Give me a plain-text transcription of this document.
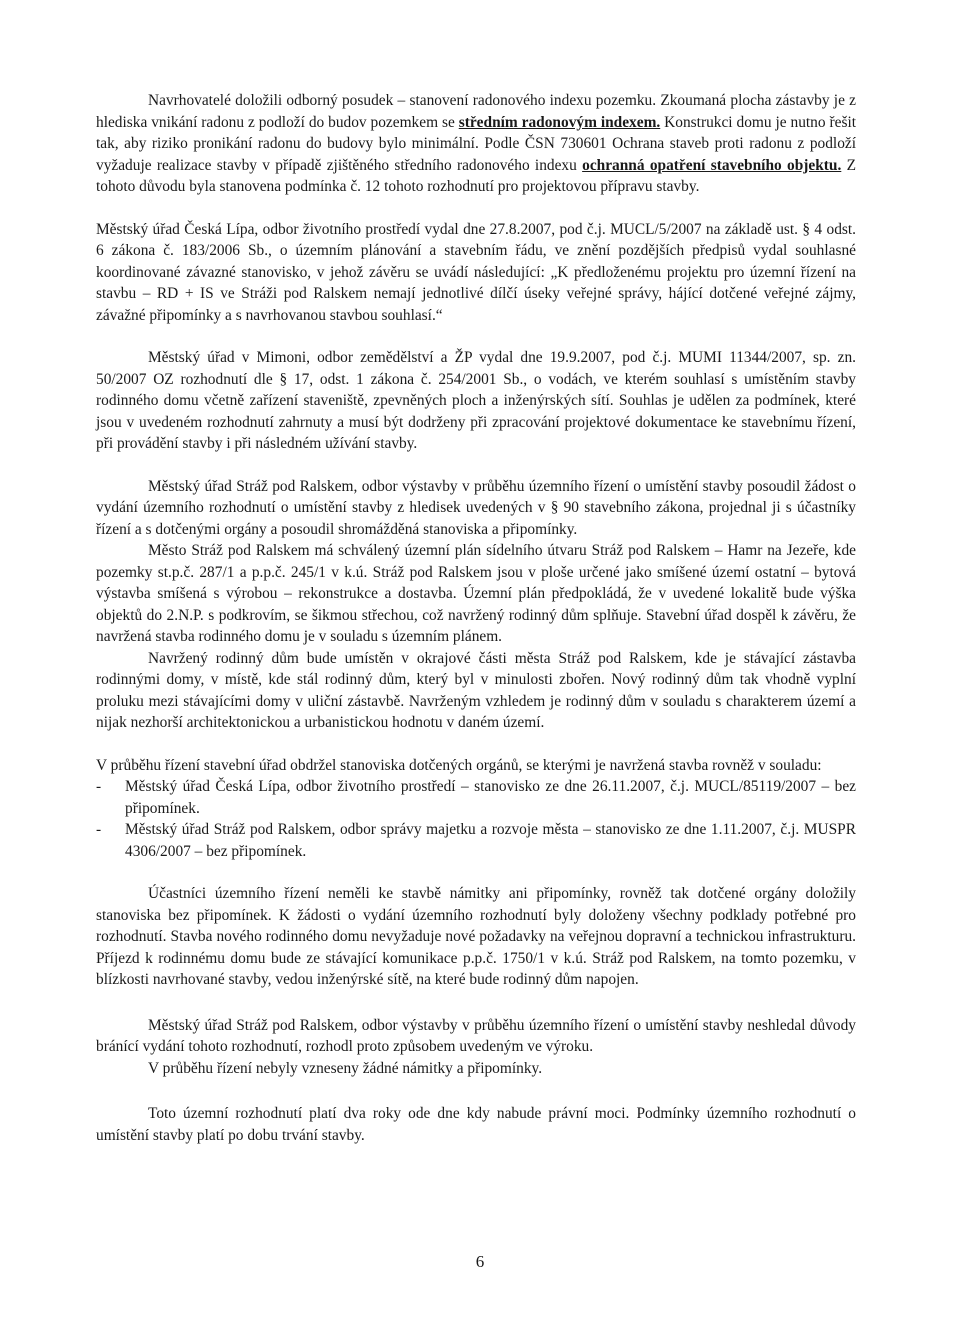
Navrhovatelé doložili odborný posudek – stanovení radonového indexu pozemku. Zkoumaná plocha zástavby je z hlediska vnikání radonu z podloží do budov pozemkem se středním radonovým indexem. Konstrukci domu je nutno řešit tak, aby riziko pronikání radonu do budovy bylo minimální. Podle ČSN 730601 Ochrana staveb proti radonu z podloží vyžaduje realizace stavby v případě zjištěného středního radonového indexu ochranná opatření stavebního objektu. Z tohoto důvodu byla stanovena podmínka č. 12 tohoto rozhodnutí pro projektovou přípravu stavby.

Městský úřad Česká Lípa, odbor životního prostředí vydal dne 27.8.2007, pod č.j. MUCL/5/2007 na základě ust. § 4 odst. 6 zákona č. 183/2006 Sb., o územním plánování a stavebním řádu, ve znění pozdějších předpisů vydal souhlasné koordinované závazné stanovisko, v jehož závěru se uvádí následující: „K předloženému projektu pro územní řízení na stavbu – RD + IS ve Stráži pod Ralskem nemají jednotlivé dílčí úseky veřejné správy, hájící dotčené veřejné zájmy, závažné připomínky a s navrhovanou stavbou souhlasí.“

Městský úřad v Mimoni, odbor zemědělství a ŽP vydal dne 19.9.2007, pod č.j. MUMI 11344/2007, sp. zn. 50/2007 OZ rozhodnutí dle § 17, odst. 1 zákona č. 254/2001 Sb., o vodách, ve kterém souhlasí s umístěním stavby rodinného domu včetně zařízení staveniště, zpevněných ploch a inženýrských sítí. Souhlas je udělen za podmínek, které jsou v uvedeném rozhodnutí zahrnuty a musí být dodrženy při zpracování projektové dokumentace ke stavebnímu řízení, při provádění stavby i při následném užívání stavby.

Městský úřad Stráž pod Ralskem, odbor výstavby v průběhu územního řízení o umístění stavby posoudil žádost o vydání územního rozhodnutí o umístění stavby z hledisek uvedených v § 90 stavebního zákona, projednal ji s účastníky řízení a s dotčenými orgány a posoudil shromážděná stanoviska a připomínky.

Město Stráž pod Ralskem má schválený územní plán sídelního útvaru Stráž pod Ralskem – Hamr na Jezeře, kde pozemky st.p.č. 287/1 a p.p.č. 245/1 v k.ú. Stráž pod Ralskem jsou v ploše určené jako smíšené území ostatní – bytová výstavba smíšená s výrobou – rekonstrukce a dostavba. Územní plán předpokládá, že v uvedené lokalitě bude výška objektů do 2.N.P. s podkrovím, se šikmou střechou, což navržený rodinný dům splňuje. Stavební úřad dospěl k závěru, že navržená stavba rodinného domu je v souladu s územním plánem.

Navržený rodinný dům bude umístěn v okrajové části města Stráž pod Ralskem, kde je stávající zástavba rodinnými domy, v místě, kde stál rodinný dům, který byl v minulosti zbořen. Nový rodinný dům tak vhodně vyplní proluku mezi stávajícími domy v uliční zástavbě. Navrženým vzhledem je rodinný dům v souladu s charakterem území a nijak nezhorší architektonickou a urbanistickou hodnotu v daném území.

V průběhu řízení stavební úřad obdržel stanoviska dotčených orgánů, se kterými je navržená stavba rovněž v souladu:

- Městský úřad Česká Lípa, odbor životního prostředí – stanovisko ze dne 26.11.2007, č.j. MUCL/85119/2007 – bez připomínek.
- Městský úřad Stráž pod Ralskem, odbor správy majetku a rozvoje města – stanovisko ze dne 1.11.2007, č.j. MUSPR 4306/2007 – bez připomínek.

Účastníci územního řízení neměli ke stavbě námitky ani připomínky, rovněž tak dotčené orgány doložily stanoviska bez připomínek. K žádosti o vydání územního rozhodnutí byly doloženy všechny podklady potřebné pro rozhodnutí. Stavba nového rodinného domu nevyžaduje nové požadavky na veřejnou dopravní a technickou infrastrukturu. Příjezd k rodinnému domu bude ze stávající komunikace p.p.č. 1750/1 v k.ú. Stráž pod Ralskem, na tomto pozemku, v blízkosti navrhované stavby, vedou inženýrské sítě, na které bude rodinný dům napojen.

Městský úřad Stráž pod Ralskem, odbor výstavby v průběhu územního řízení o umístění stavby neshledal důvody bránící vydání tohoto rozhodnutí, rozhodl proto způsobem uvedeným ve výroku.

V průběhu řízení nebyly vzneseny žádné námitky a připomínky.

Toto územní rozhodnutí platí dva roky ode dne kdy nabude právní moci. Podmínky územního rozhodnutí o umístění stavby platí po dobu trvání stavby.

6
